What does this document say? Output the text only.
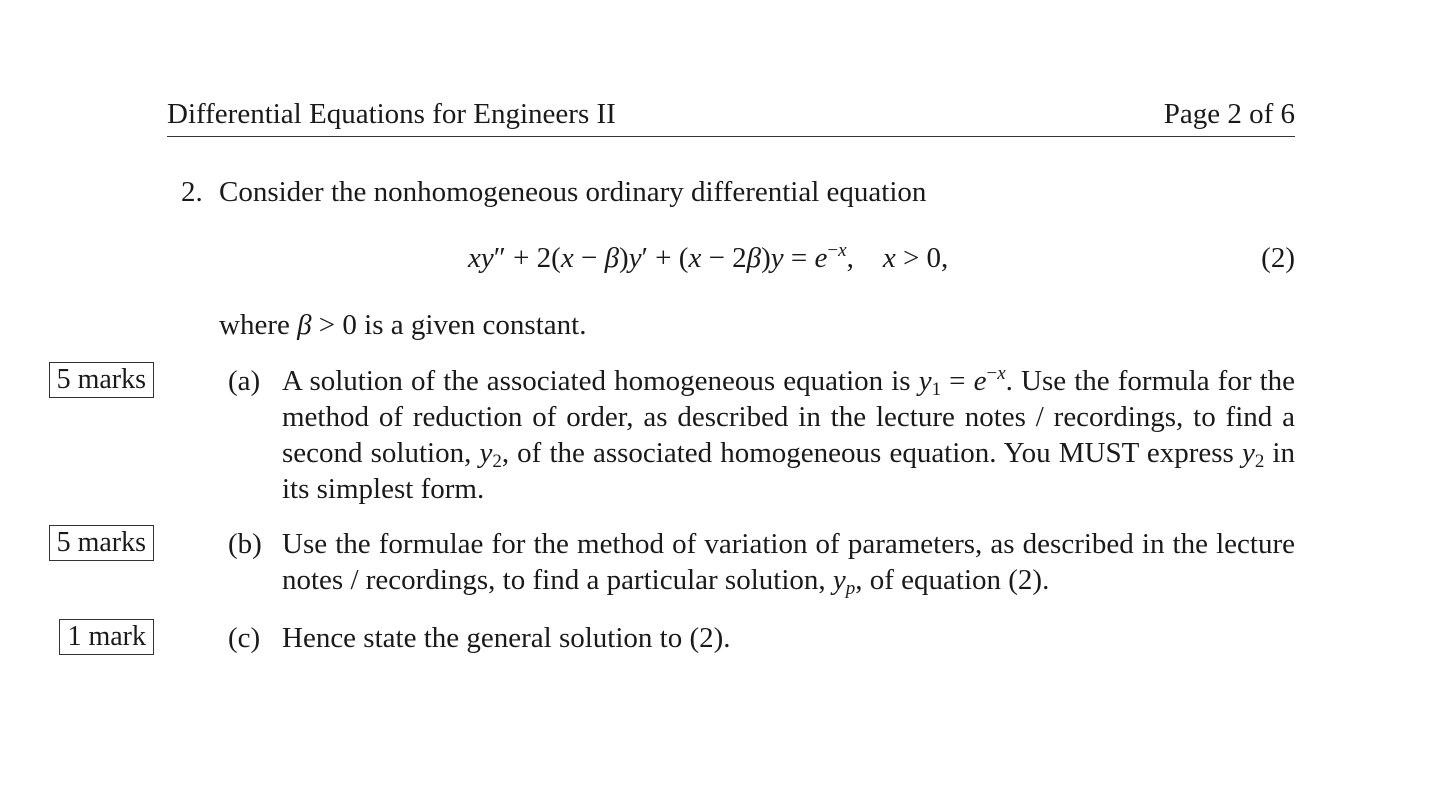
Differential Equations for Engineers II	Page 2 of 6
2. Consider the nonhomogeneous ordinary differential equation
$xy'' + 2(x - \beta)y' + (x - 2\beta)y = e^{-x}$,    x > 0,	(2)
where β > 0 is a given constant.
5 marks	(a) A solution of the associated homogeneous equation is $y_1 = e^{-x}$. Use the formula for the method of reduction of order, as described in the lecture notes / recordings, to find a second solution, $y_2$, of the associated homogeneous equation. You MUST express $y_2$ in its simplest form.
5 marks	(b) Use the formulae for the method of variation of parameters, as described in the lecture notes / recordings, to find a particular solution, $y_p$, of equation (2).
1 mark	(c) Hence state the general solution to (2).
